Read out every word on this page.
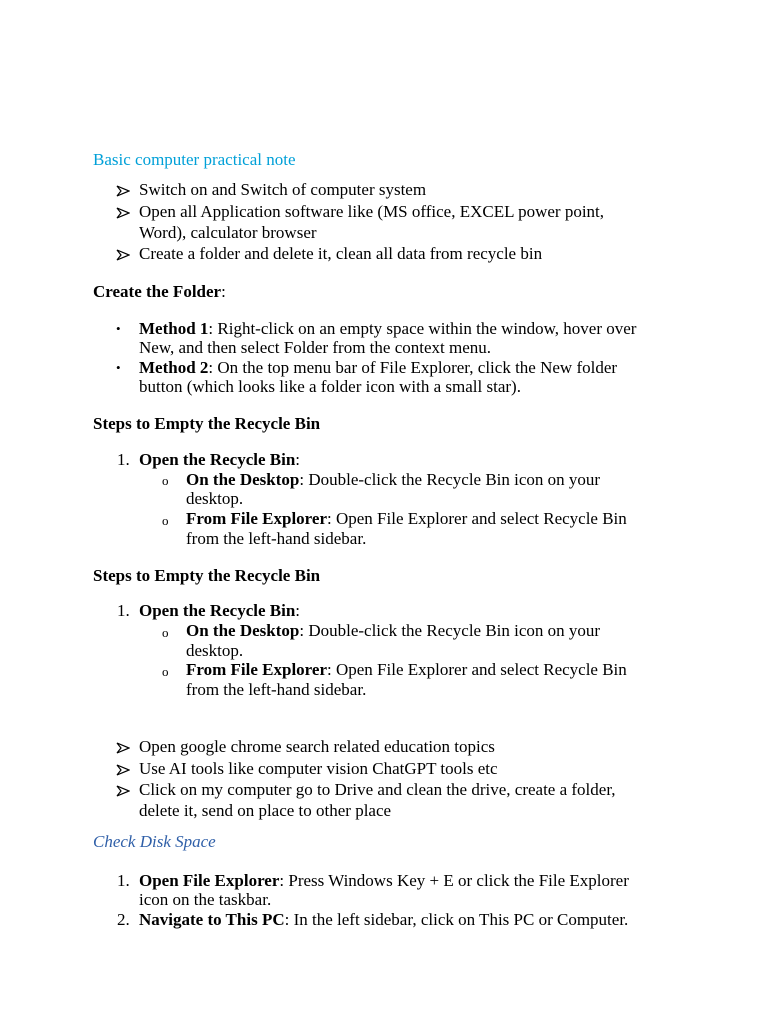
Basic computer practical note
Switch on and Switch of computer system
Open all Application software like (MS office, EXCEL power point,
Word), calculator browser
Create a folder and delete it, clean all data from recycle bin
Create the Folder:
• Method 1: Right-click on an empty space within the window, hover over
New, and then select Folder from the context menu.
• Method 2: On the top menu bar of File Explorer, click the New folder
button (which looks like a folder icon with a small star).
Steps to Empty the Recycle Bin
1. Open the Recycle Bin:
o On the Desktop: Double-click the Recycle Bin icon on your
desktop.
o From File Explorer: Open File Explorer and select Recycle Bin
from the left-hand sidebar.
Steps to Empty the Recycle Bin
1. Open the Recycle Bin:
o On the Desktop: Double-click the Recycle Bin icon on your
desktop.
o From File Explorer: Open File Explorer and select Recycle Bin
from the left-hand sidebar.
Open google chrome search related education topics
Use AI tools like computer vision ChatGPT tools etc
Click on my computer go to Drive and clean the drive, create a folder,
delete it, send on place to other place
Check Disk Space
1. Open File Explorer: Press Windows Key + E or click the File Explorer
icon on the taskbar.
2. Navigate to This PC: In the left sidebar, click on This PC or Computer.
